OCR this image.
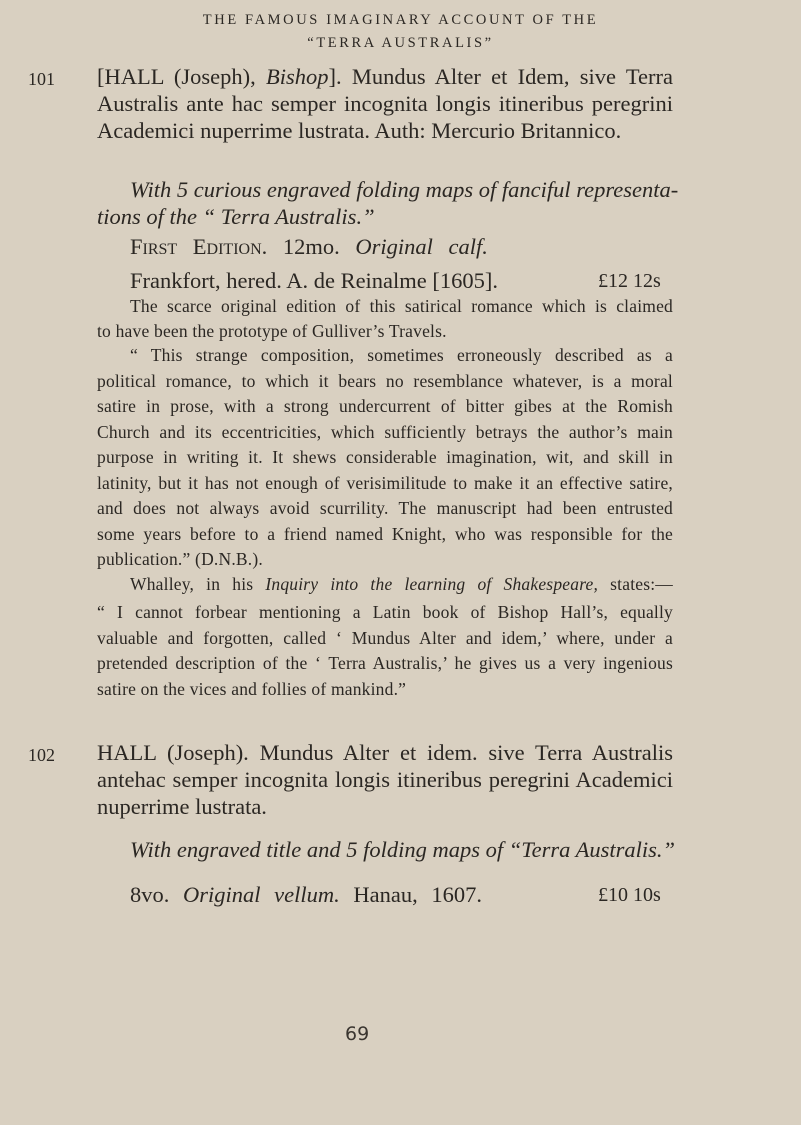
THE FAMOUS IMAGINARY ACCOUNT OF THE
“TERRA AUSTRALIS”
101 [HALL (Joseph), Bishop]. Mundus Alter et Idem, sive Terra
Australis ante hac semper incognita longis itineribus peregrini
Academici nuperrime lustrata. Auth: Mercurio Britannico.
With 5 curious engraved folding maps of fanciful representa-
tions of the “ Terra Australis.”
First Edition. 12mo. Original calf.
Frankfort, hered. A. de Reinalme [1605].	£12 12s
The scarce original edition of this satirical romance which is claimed
to have been the prototype of Gulliver’s Travels.
“ This strange composition, sometimes erroneously described as a
political romance, to which it bears no resemblance whatever, is a moral
satire in prose, with a strong undercurrent of bitter gibes at the Romish
Church and its eccentricities, which sufficiently betrays the author’s main
purpose in writing it. It shews considerable imagination, wit, and skill in
latinity, but it has not enough of verisimilitude to make it an effective satire,
and does not always avoid scurrility. The manuscript had been entrusted
some years before to a friend named Knight, who was responsible for the
publication.” (D.N.B.).
Whalley, in his Inquiry into the learning of Shakespeare, states:—
“ I cannot forbear mentioning a Latin book of Bishop Hall’s, equally
valuable and forgotten, called ‘ Mundus Alter and idem,’ where, under a
pretended description of the ‘ Terra Australis,’ he gives us a very ingenious
satire on the vices and follies of mankind.”
102 HALL (Joseph). Mundus Alter et idem. sive Terra Australis
antehac semper incognita longis itineribus peregrini Academici
nuperrime lustrata.
With engraved title and 5 folding maps of “Terra Australis.”
8vo. Original vellum. Hanau, 1607.	£10 10s
69
